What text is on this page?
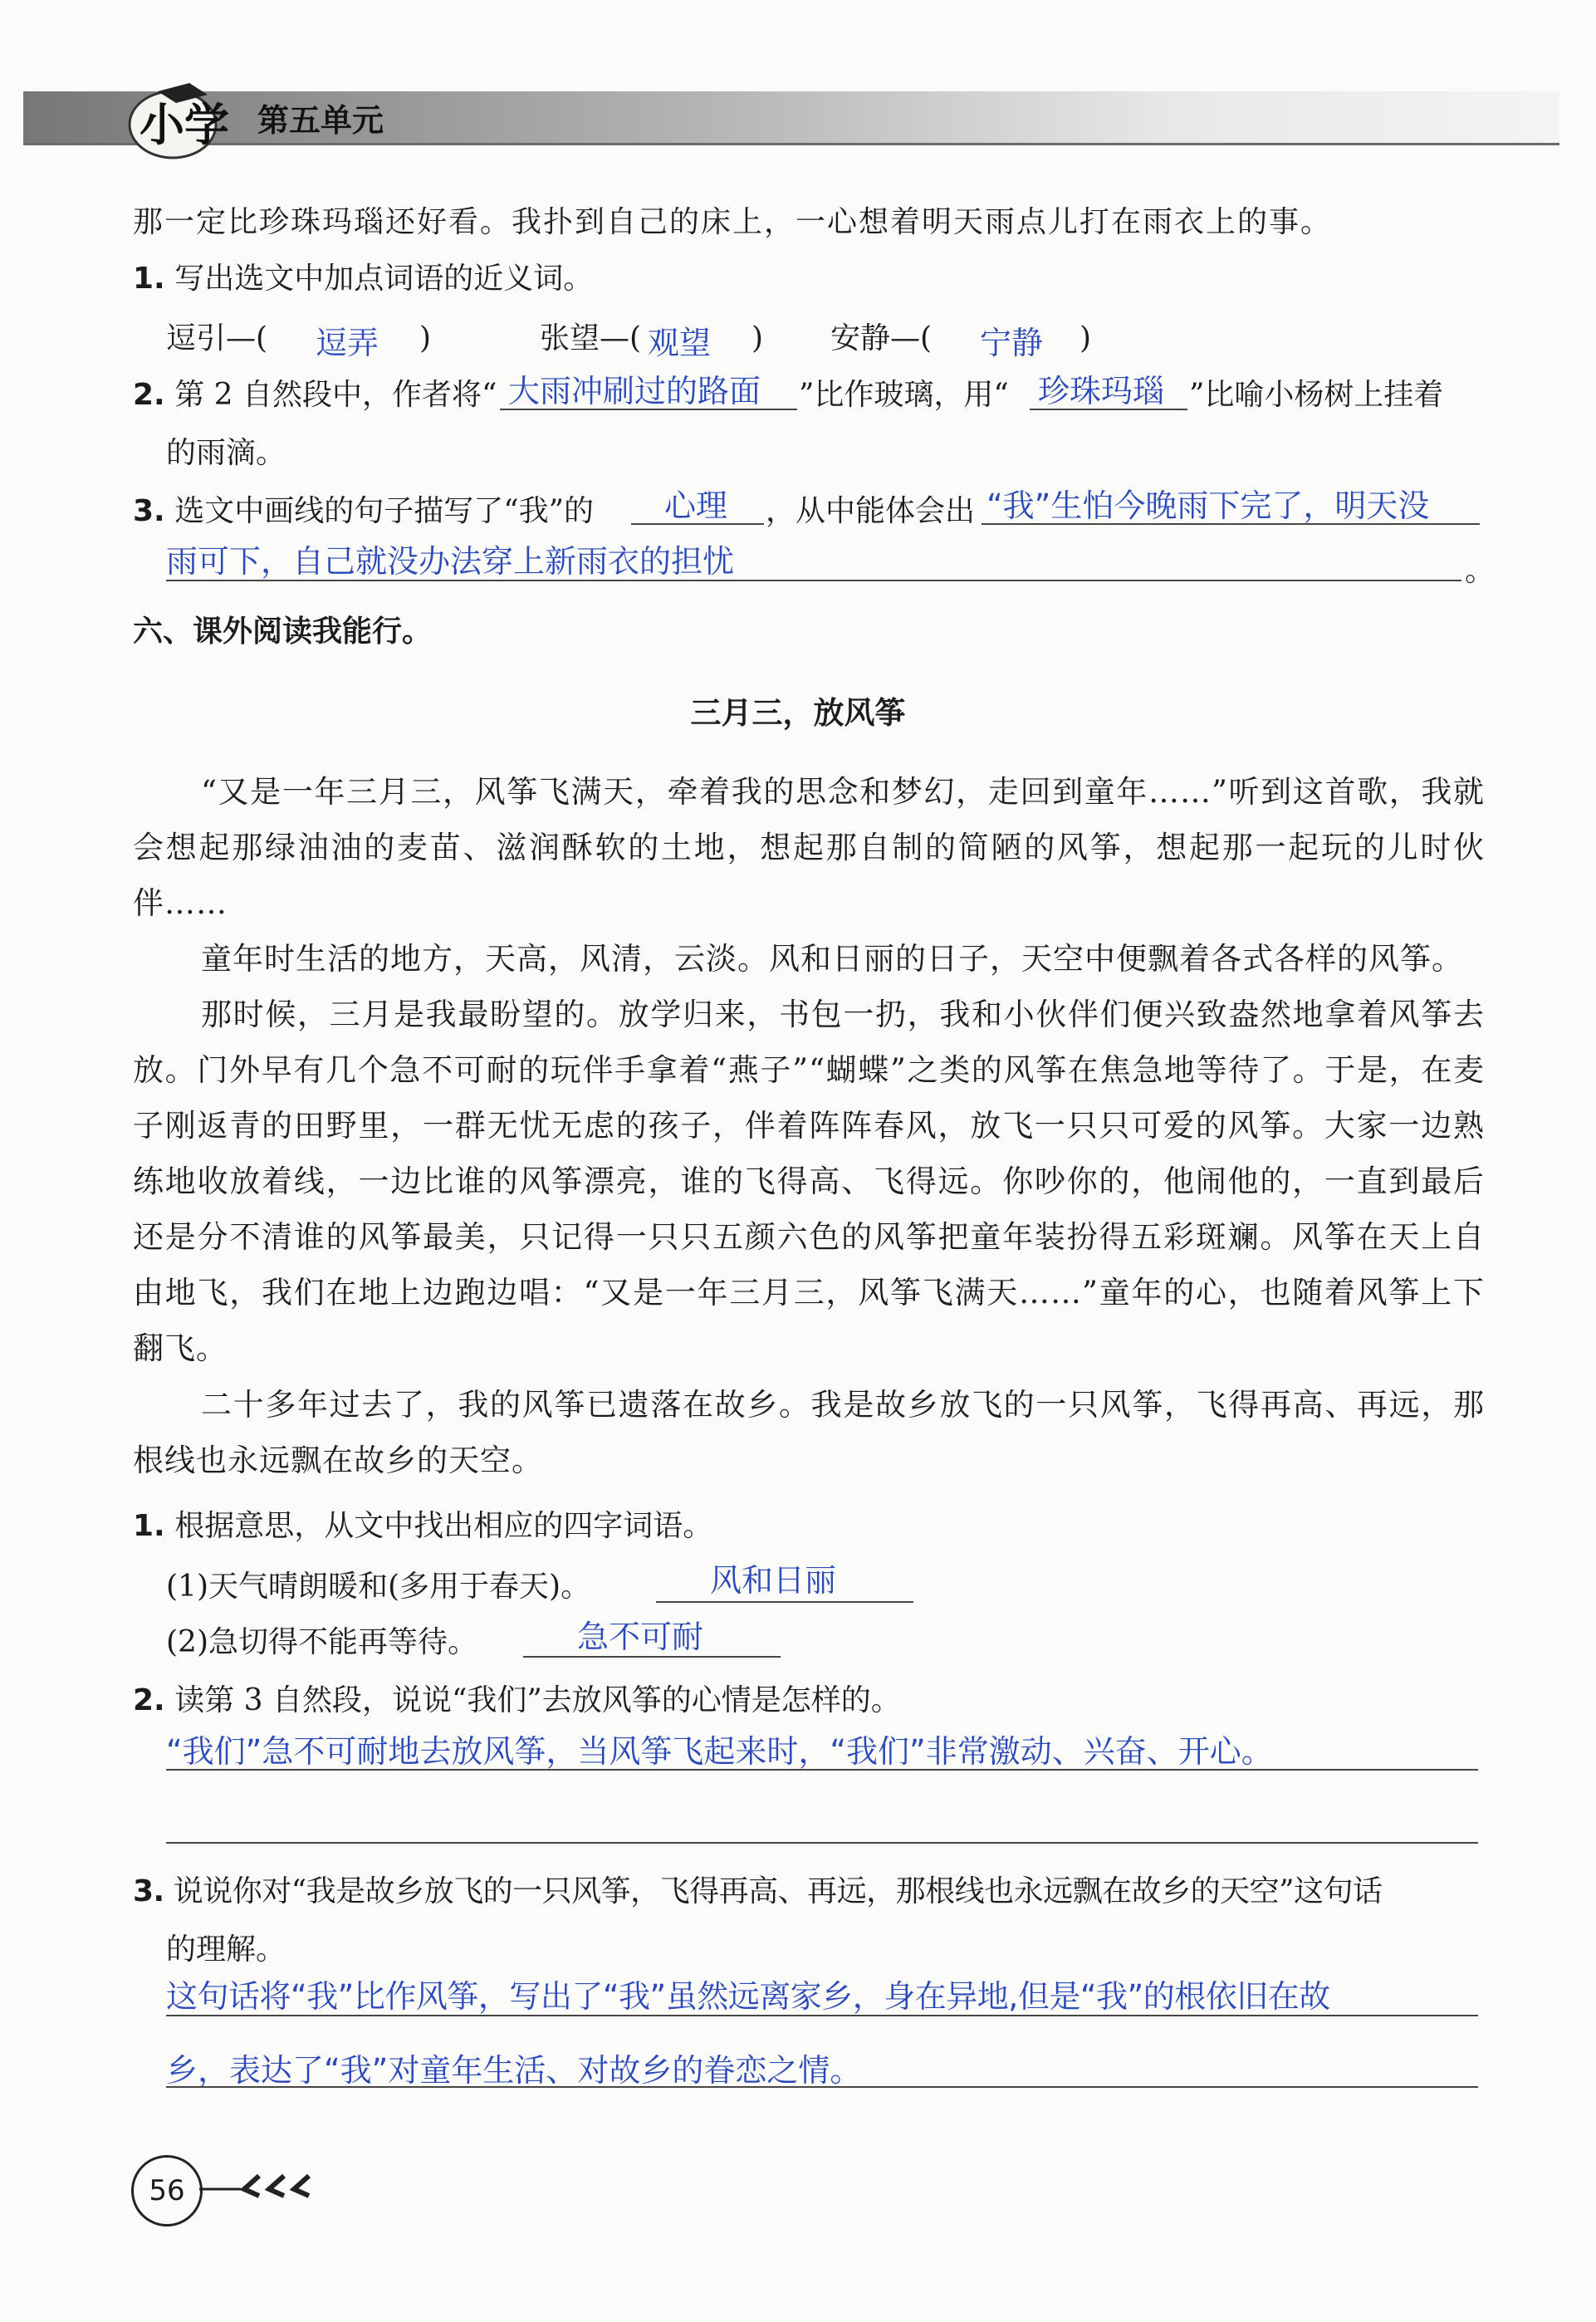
小学 第五单元
那一定比珍珠玛瑙还好看。我扑到自己的床上，一心想着明天雨点儿打在雨衣上的事。
1. 写出选文中加点词语的近义词。
逗引—( 逗弄 )	张望—( 观望 ) 安静—( 宁静 )
2. 第 2 自然段中，作者将“ 大雨冲刷过的路面 ”比作玻璃，用“ 珍珠玛瑙 ”比喻小杨树上挂着
的雨滴。
3. 选文中画线的句子描写了“我”的 心理 ，从中能体会出 “我”生怕今晚雨下完了，明天没
雨可下，自己就没办法穿上新雨衣的担忧	。
六、课外阅读我能行。
三月三，放风筝

“又是一年三月三，风筝飞满天，牵着我的思念和梦幻，走回到童年……”听到这首歌，我就会想起那绿油油的麦苗、滋润酥软的土地，想起那自制的简陋的风筝，想起那一起玩的儿时伙伴……

童年时生活的地方，天高，风清，云淡。风和日丽的日子，天空中便飘着各式各样的风筝。

那时候，三月是我最盼望的。放学归来，书包一扔，我和小伙伴们便兴致盎然地拿着风筝去放。门外早有几个急不可耐的玩伴手拿着“燕子”“蝴蝶”之类的风筝在焦急地等待了。于是，在麦子刚返青的田野里，一群无忧无虑的孩子，伴着阵阵春风，放飞一只只可爱的风筝。大家一边熟练地收放着线，一边比谁的风筝漂亮，谁的飞得高、飞得远。你吵你的，他闹他的，一直到最后还是分不清谁的风筝最美，只记得一只只五颜六色的风筝把童年装扮得五彩斑斓。风筝在天上自由地飞，我们在地上边跑边唱：“又是一年三月三，风筝飞满天……”童年的心，也随着风筝上下翻飞。

二十多年过去了，我的风筝已遗落在故乡。我是故乡放飞的一只风筝，飞得再高、再远，那根线也永远飘在故乡的天空。

1. 根据意思，从文中找出相应的四字词语。
(1)天气晴朗暖和(多用于春天)。	风和日丽
(2)急切得不能再等待。	急不可耐
2. 读第 3 自然段，说说“我们”去放风筝的心情是怎样的。
“我们”急不可耐地去放风筝，当风筝飞起来时，“我们”非常激动、兴奋、开心。
3. 说说你对“我是故乡放飞的一只风筝，飞得再高、再远，那根线也永远飘在故乡的天空”这句话
的理解。
这句话将“我”比作风筝，写出了“我”虽然远离家乡，身在异地,但是“我”的根依旧在故
乡，表达了“我”对童年生活、对故乡的眷恋之情。
56
